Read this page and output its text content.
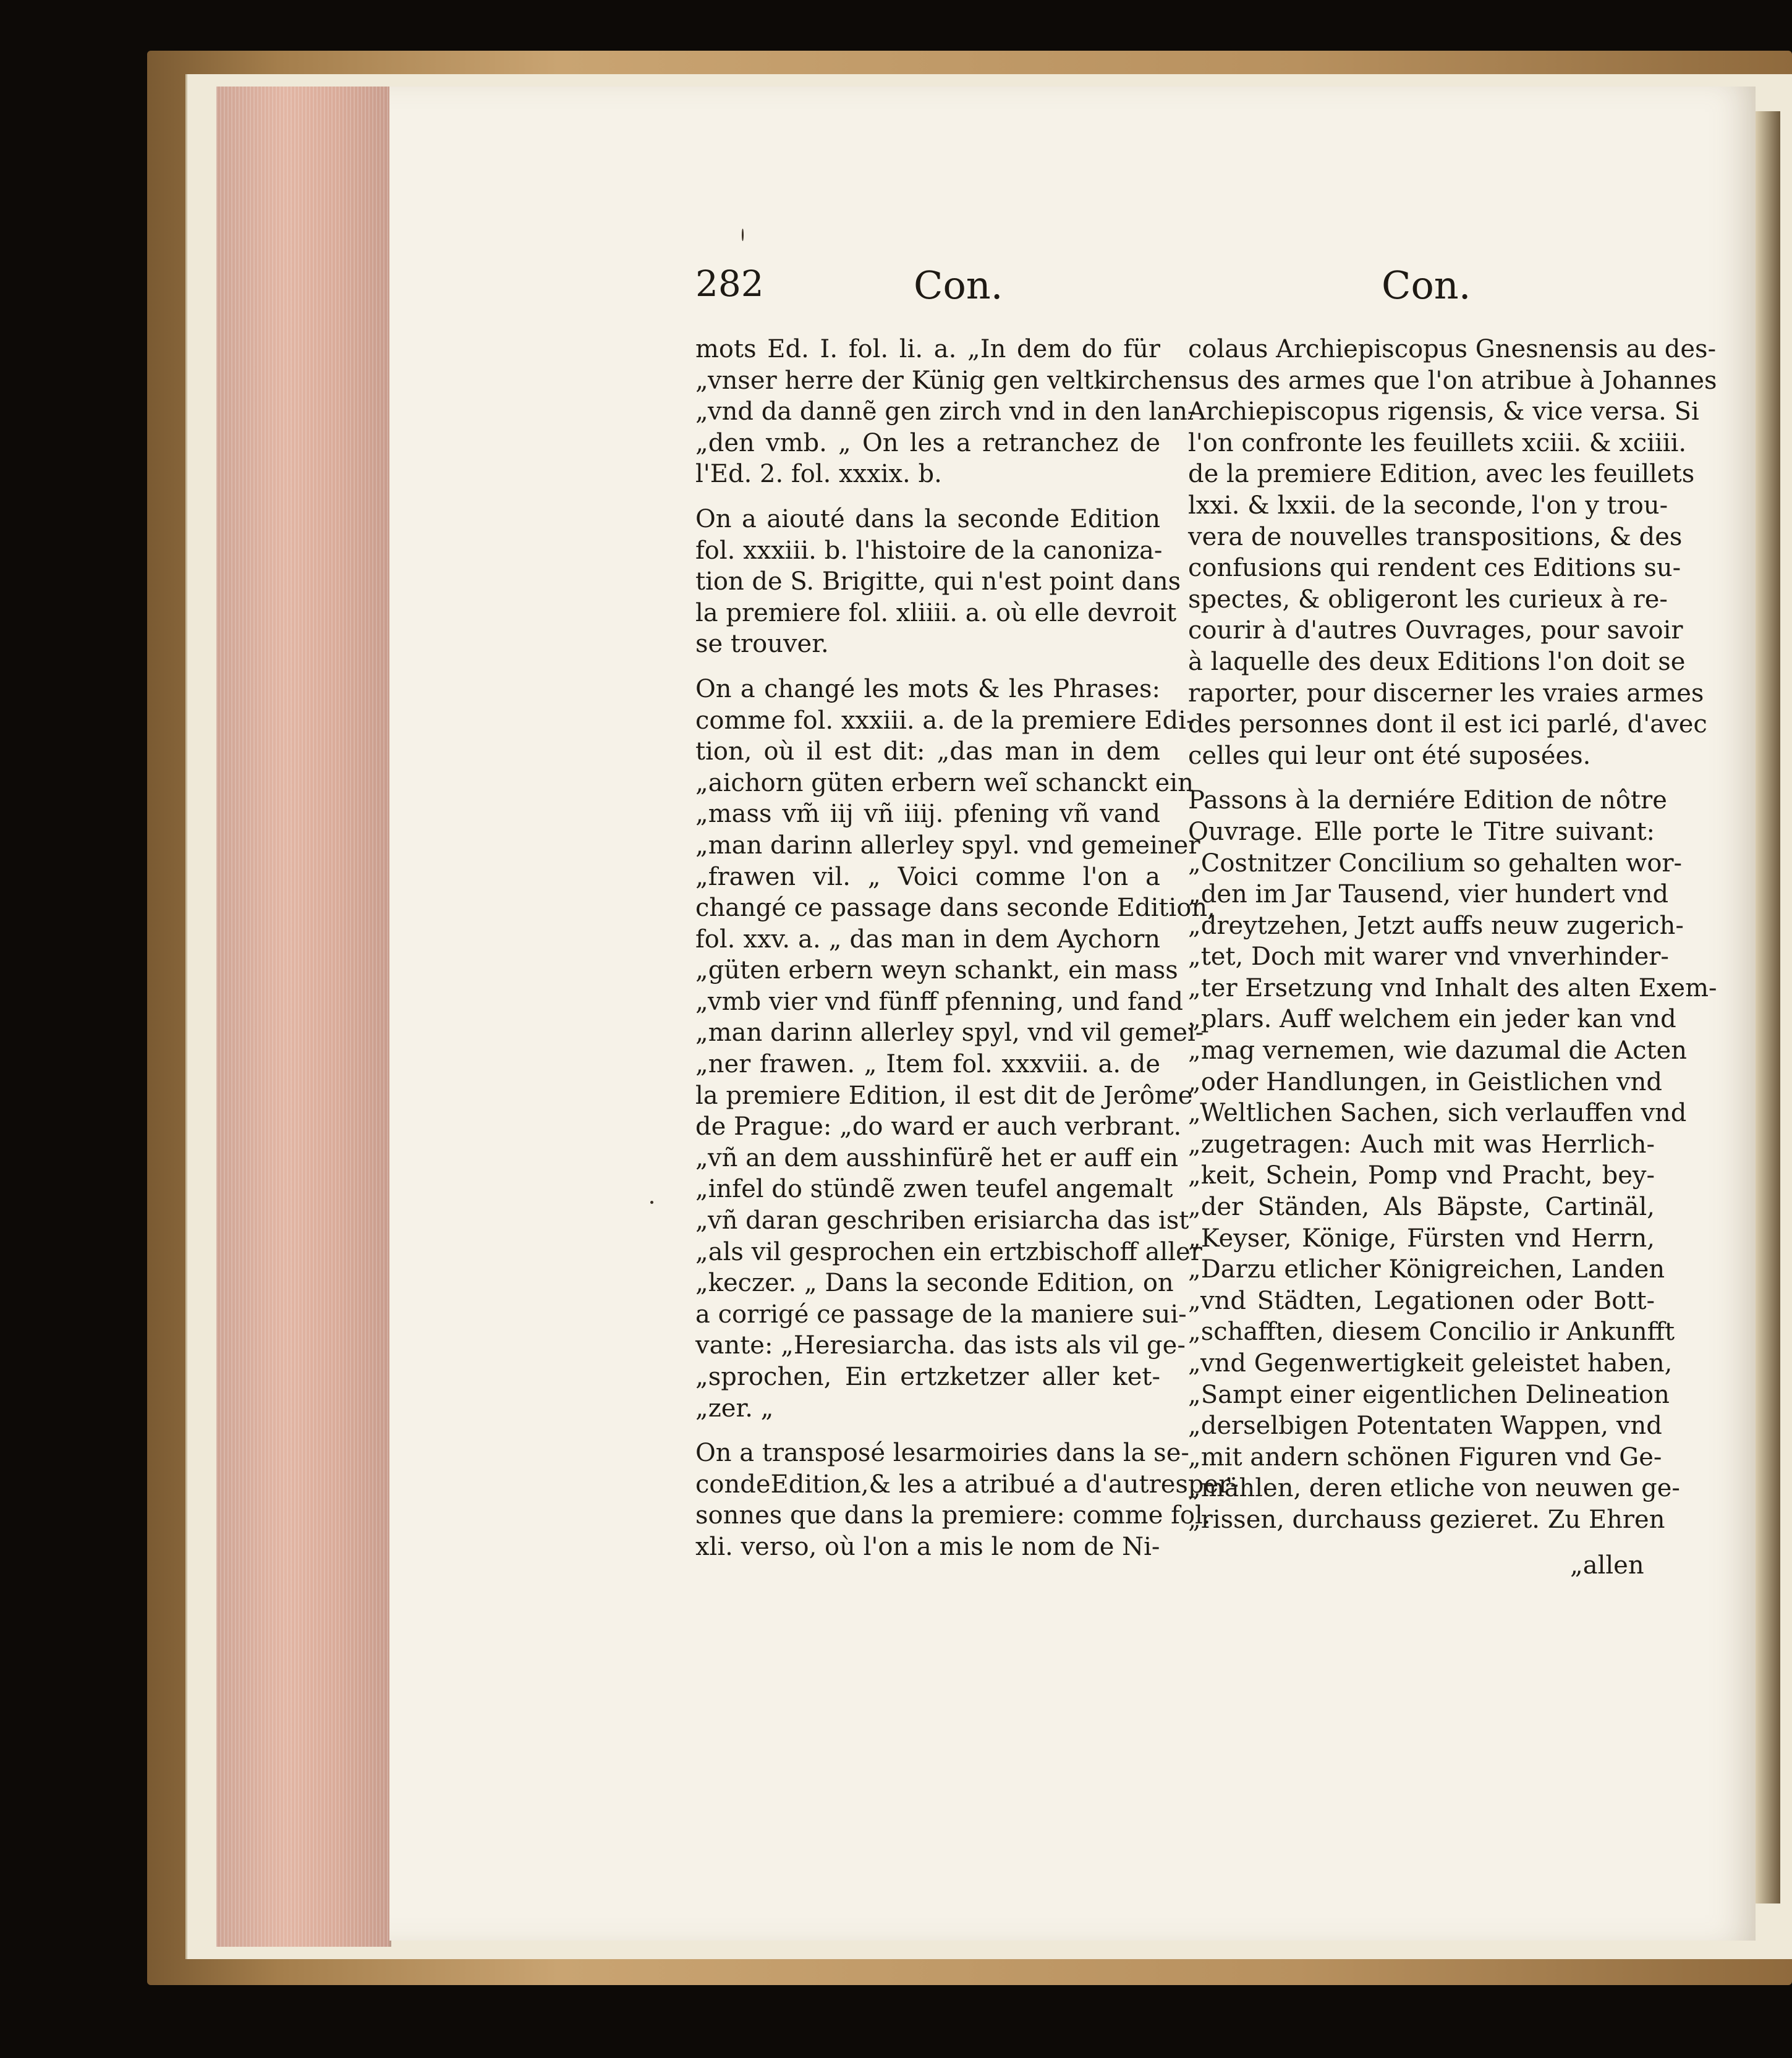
282	Con.	Con.

mots Ed. I. fol. li. a. „In dem do für
„vnser herre der Künig gen veltkirchen
„vnd da dannẽ gen zirch vnd in den lan-
„den vmb. „ On les a retranchez de
l'Ed. 2. fol. xxxix. b.

On a aiouté dans la seconde Edition
fol. xxxiii. b. l'histoire de la canoniza-
tion de S. Brigitte, qui n'est point dans
la premiere fol. xliiii. a. où elle devroit
se trouver.

On a changé les mots & les Phrases:
comme fol. xxxiii. a. de la premiere Edi-
tion, où il est dit: „das man in dem
„aichorn güten erbern weĩ schanckt ein
„mass vm̃ iij vñ iiij. pfening vñ vand
„man darinn allerley spyl. vnd gemeiner
„frawen vil. „ Voici comme l'on a
changé ce passage dans seconde Edition,
fol. xxv. a. „ das man in dem Aychorn
„güten erbern weyn schankt, ein mass
„vmb vier vnd fünff pfenning, und fand
„man darinn allerley spyl, vnd vil gemei-
„ner frawen. „ Item fol. xxxviii. a. de
la premiere Edition, il est dit de Jerôme
de Prague: „do ward er auch verbrant.
„vñ an dem ausshinfürẽ het er auff ein
„infel do stündẽ zwen teufel angemalt
„vñ daran geschriben erisiarcha das ist
„als vil gesprochen ein ertzbischoff aller
„keczer. „ Dans la seconde Edition, on
a corrigé ce passage de la maniere sui-
vante: „Heresiarcha. das ists als vil ge-
„sprochen, Ein ertzketzer aller ket-
„zer. „

On a transposé lesarmoiries dans la se-
condeEdition,& les a atribué a d'autresper-
sonnes que dans la premiere: comme fol.
xli. verso, où l'on a mis le nom de Ni-

colaus Archiepiscopus Gnesnensis au des-
sus des armes que l'on atribue à Johannes
Archiepiscopus rigensis, & vice versa. Si
l'on confronte les feuillets xciii. & xciiii.
de la premiere Edition, avec les feuillets
lxxi. & lxxii. de la seconde, l'on y trou-
vera de nouvelles transpositions, & des
confusions qui rendent ces Editions su-
spectes, & obligeront les curieux à re-
courir à d'autres Ouvrages, pour savoir
à laquelle des deux Editions l'on doit se
raporter, pour discerner les vraies armes
des personnes dont il est ici parlé, d'avec
celles qui leur ont été suposées.

Passons à la derniére Edition de nôtre
Ouvrage. Elle porte le Titre suivant:
„Costnitzer Concilium so gehalten wor-
„den im Jar Tausend, vier hundert vnd
„dreytzehen, Jetzt auffs neuw zugerich-
„tet, Doch mit warer vnd vnverhinder-
„ter Ersetzung vnd Inhalt des alten Exem-
„plars. Auff welchem ein jeder kan vnd
„mag vernemen, wie dazumal die Acten
„oder Handlungen, in Geistlichen vnd
„Weltlichen Sachen, sich verlauffen vnd
„zugetragen: Auch mit was Herrlich-
„keit, Schein, Pomp vnd Pracht, bey-
„der Ständen, Als Bäpste, Cartinäl,
„Keyser, Könige, Fürsten vnd Herrn,
„Darzu etlicher Königreichen, Landen
„vnd Städten, Legationen oder Bott-
„schafften, diesem Concilio ir Ankunfft
„vnd Gegenwertigkeit geleistet haben,
„Sampt einer eigentlichen Delineation
„derselbigen Potentaten Wappen, vnd
„mit andern schönen Figuren vnd Ge-
„mählen, deren etliche von neuwen ge-
„rissen, durchauss gezieret. Zu Ehren

„allen
